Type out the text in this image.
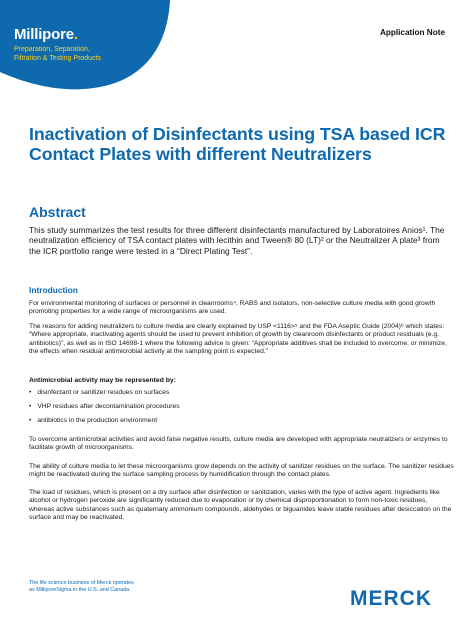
Millipore.
Preparation, Separation,
Filtration & Testing Products
Application Note
Inactivation of Disinfectants using TSA based ICR Contact Plates with different Neutralizers
Abstract

This study summarizes the test results for three different disinfectants manufactured by Laboratoires Anios¹. The neutralization efficiency of TSA contact plates with lecithin and Tween® 80 (LT)² or the Neutralizer A plate³ from the ICR portfolio range were tested in a “Direct Plating Test”.

Introduction

For environmental monitoring of surfaces or personnel in cleanrooms⁴, RABS and isolators, non-selective culture media with good growth promoting properties for a wide range of microorganisms are used.

The reasons for adding neutralizers to culture media are clearly explained by USP <1116>⁵ and the FDA Aseptic Guide (2004)⁶ which states: “Where appropriate, inactivating agents should be used to prevent inhibition of growth by cleanroom disinfectants or product residuals (e.g. antibiotics)”, as well as in ISO 14698-1 where the following advice is given: “Appropriate additives shall be included to overcome, or minimize, the effects when residual antimicrobial activity at the sampling point is expected.”

Antimicrobial activity may be represented by:
• disinfectant or sanitizer residues on surfaces
• VHP residues after decontamination procedures
• antibiotics in the production environment

To overcome antimicrobial activities and avoid false negative results, culture media are developed with appropriate neutralizers or enzymes to facilitate growth of microorganisms.

The ability of culture media to let these microorganisms grow depends on the activity of sanitizer residues on the surface. The sanitizer residues might be reactivated during the surface sampling process by humidification through the contact plates.

The load of residues, which is present on a dry surface after disinfection or sanitization, varies with the type of active agent. Ingredients like alcohol or hydrogen peroxide are significantly reduced due to evaporation or by chemical disproportionation to form non-toxic residues, whereas active substances such as quaternary ammonium compounds, aldehydes or biguanides leave stable residues after desiccation on the surface and may be reactivated.

The life science business of Merck operates as MilliporeSigma in the U.S. and Canada.	MERCK
